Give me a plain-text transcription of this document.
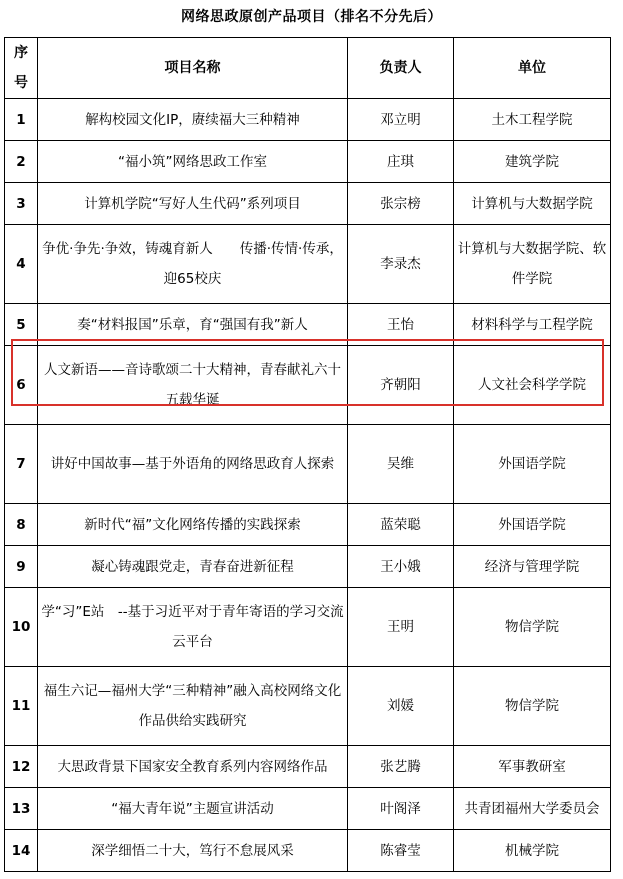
网络思政原创产品项目（排名不分先后）
序号	项目名称	负责人	单位
1	解构校园文化IP，赓续福大三种精神	邓立明	土木工程学院
2	“福小筑”网络思政工作室	庄琪	建筑学院
3	计算机学院“写好人生代码”系列项目	张宗榜	计算机与大数据学院
4	争优·争先·争效，铸魂育新人　　传播·传情·传承，迎65校庆	李录杰	计算机与大数据学院、软件学院
5	奏“材料报国”乐章，育“强国有我”新人	王怡	材料科学与工程学院
6	人文新语——音诗歌颂二十大精神，青春献礼六十五载华诞	齐朝阳	人文社会科学学院
7	讲好中国故事—基于外语角的网络思政育人探索	吴维	外国语学院
8	新时代“福”文化网络传播的实践探索	蓝荣聪	外国语学院
9	凝心铸魂跟党走，青春奋进新征程	王小娥	经济与管理学院
10	学“习”E站　--基于习近平对于青年寄语的学习交流云平台	王明	物信学院
11	福生六记—福州大学“三种精神”融入高校网络文化作品供给实践研究	刘媛	物信学院
12	大思政背景下国家安全教育系列内容网络作品	张艺腾	军事教研室
13	“福大青年说”主题宣讲活动	叶阁泽	共青团福州大学委员会
14	深学细悟二十大，笃行不怠展风采	陈睿莹	机械学院
